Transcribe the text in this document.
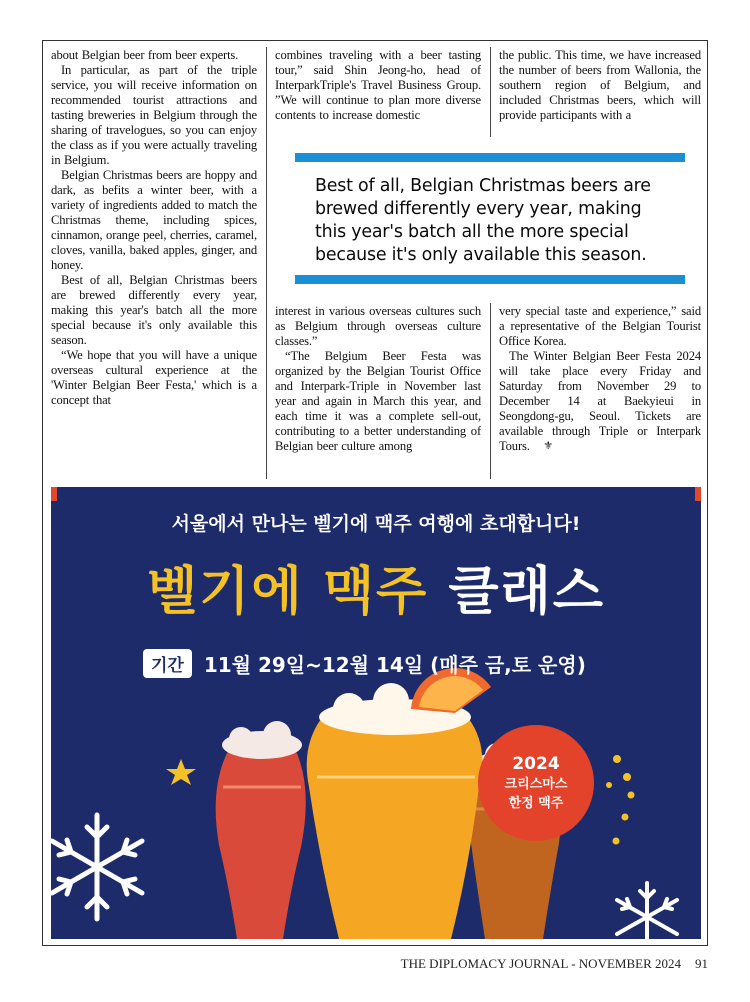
about Belgian beer from beer experts.

In particular, as part of the triple service, you will receive information on recommended tourist attractions and tasting breweries in Belgium through the sharing of travelogues, so you can enjoy the class as if you were actually traveling in Belgium.

Belgian Christmas beers are hoppy and dark, as befits a winter beer, with a variety of ingredients added to match the Christmas theme, including spices, cinnamon, orange peel, cherries, caramel, cloves, vanilla, baked apples, ginger, and honey.

Best of all, Belgian Christmas beers are brewed differently every year, making this year's batch all the more special because it's only available this season.

“We hope that you will have a unique overseas cultural experience at the 'Winter Belgian Beer Festa,' which is a concept that

combines traveling with a beer tasting tour,” said Shin Jeong-ho, head of InterparkTriple's Travel Business Group. ”We will continue to plan more diverse contents to increase domestic

the public. This time, we have increased the number of beers from Wallonia, the southern region of Belgium, and included Christmas beers, which will provide participants with a

Best of all, Belgian Christmas beers are brewed differently every year, making this year's batch all the more special because it's only available this season.

interest in various overseas cultures such as Belgium through overseas culture classes.”

“The Belgium Beer Festa was organized by the Belgian Tourist Office and Interpark-Triple in November last year and again in March this year, and each time it was a complete sell-out, contributing to a better understanding of Belgian beer culture among

very special taste and experience,” said a representative of the Belgian Tourist Office Korea.

The Winter Belgian Beer Festa 2024 will take place every Friday and Saturday from November 29 to December 14 at Baekyieui in Seongdong-gu, Seoul. Tickets are available through Triple or Interpark Tours. ⚜

서울에서 만나는 벨기에 맥주 여행에 초대합니다!
벨기에 맥주 클래스
기간	11월 29일~12월 14일 (매주 금,토 운영)
2024
크리스마스
한정 맥주
THE DIPLOMACY JOURNAL - NOVEMBER 2024 91
